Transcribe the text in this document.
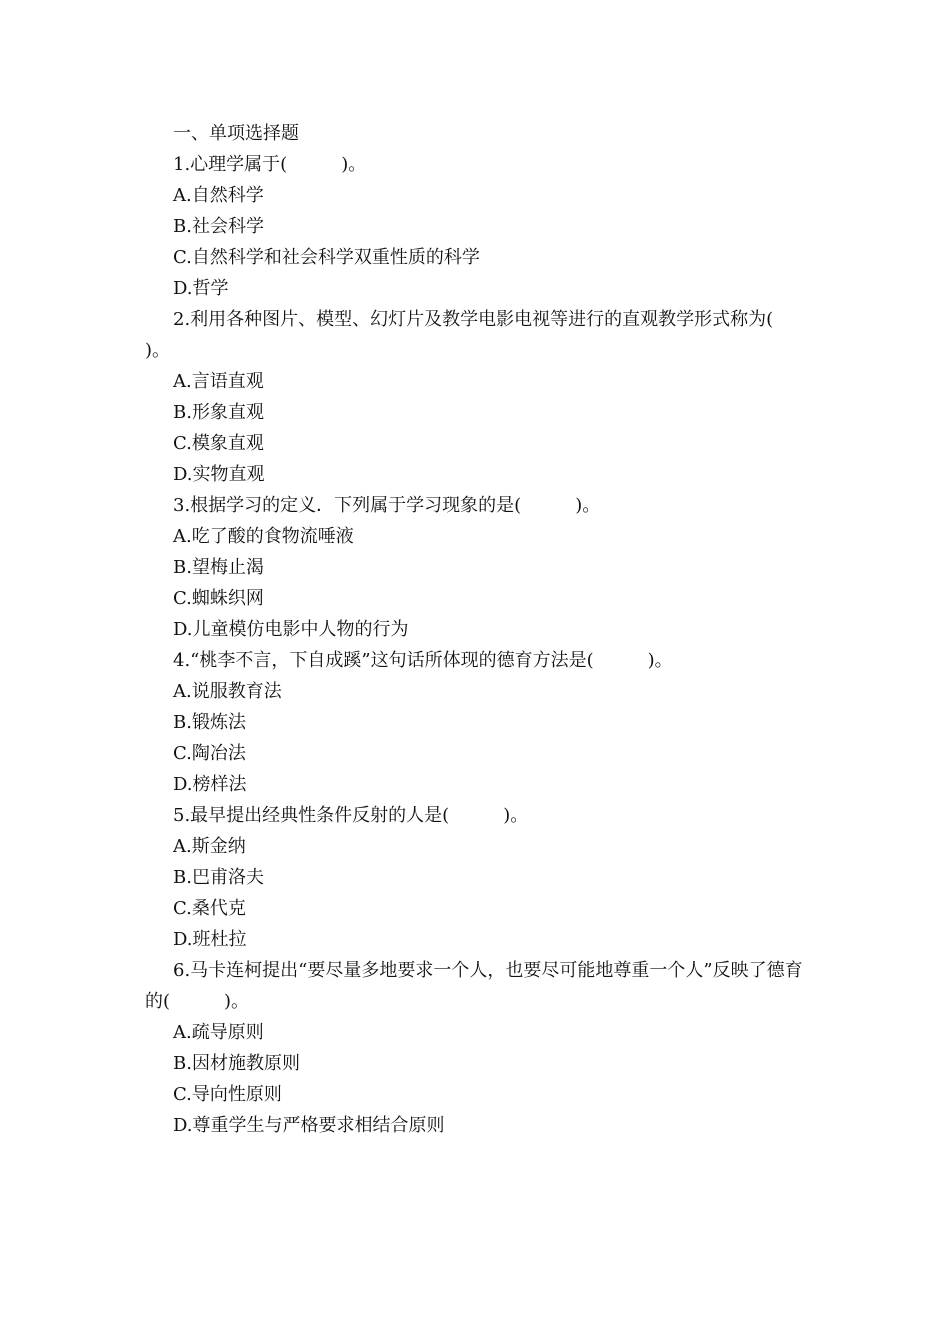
一、单项选择题

1.心理学属于(　　　)。

A.自然科学

B.社会科学

C.自然科学和社会科学双重性质的科学

D.哲学

2.利用各种图片、模型、幻灯片及教学电影电视等进行的直观教学形式称为(　　　)。

A.言语直观

B.形象直观

C.模象直观

D.实物直观

3.根据学习的定义．下列属于学习现象的是(　　　)。

A.吃了酸的食物流唾液

B.望梅止渴

C.蜘蛛织网

D.儿童模仿电影中人物的行为

4.“桃李不言，下自成蹊”这句话所体现的德育方法是(　　　)。

A.说服教育法

B.锻炼法

C.陶冶法

D.榜样法

5.最早提出经典性条件反射的人是(　　　)。

A.斯金纳

B.巴甫洛夫

C.桑代克

D.班杜拉

6.马卡连柯提出“要尽量多地要求一个人，也要尽可能地尊重一个人”反映了德育的(　　　)。

A.疏导原则

B.因材施教原则

C.导向性原则

D.尊重学生与严格要求相结合原则
